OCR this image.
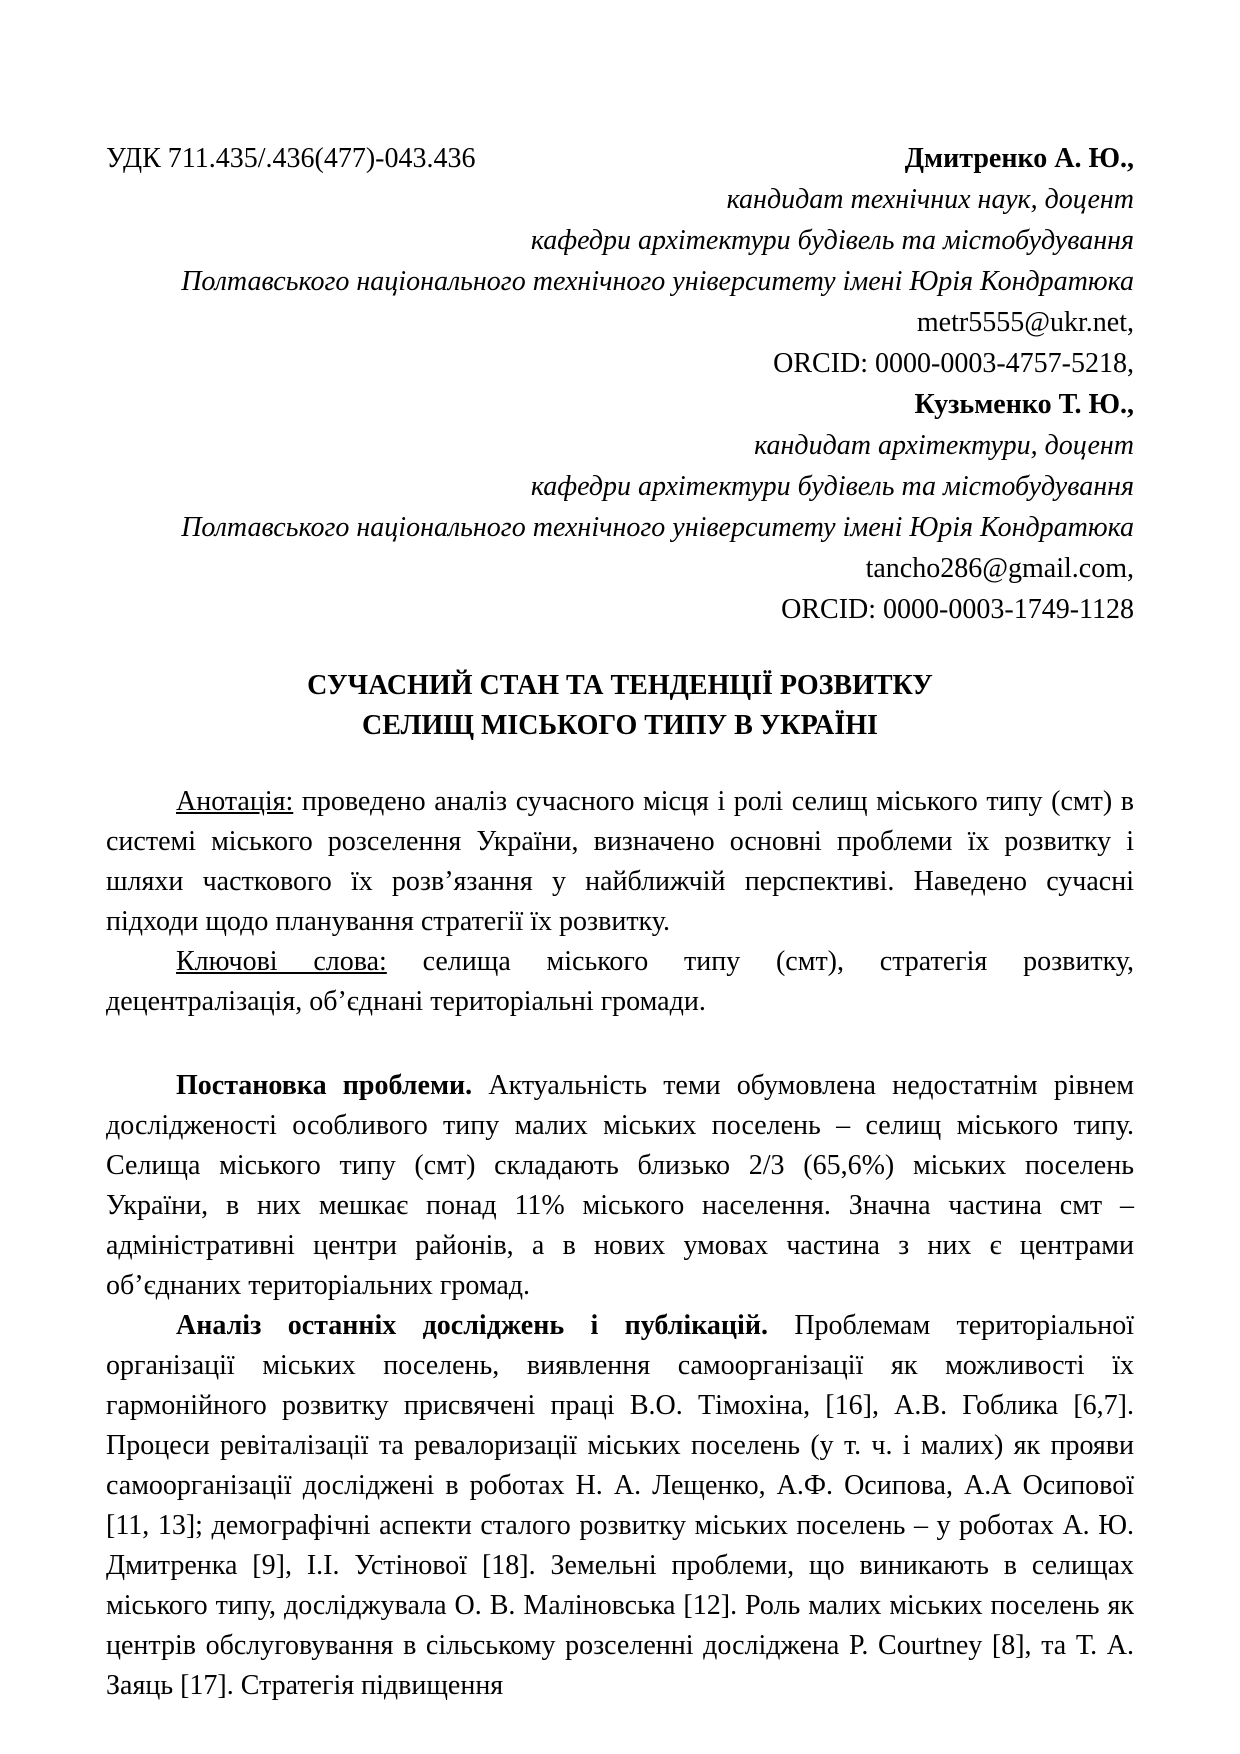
УДК 711.435/.436(477)-043.436	Дмитренко А. Ю.,
кандидат технічних наук, доцент
кафедри архітектури будівель та містобудування
Полтавського національного технічного університету імені Юрія Кондратюка
metr5555@ukr.net,
ORCID: 0000-0003-4757-5218,
Кузьменко Т. Ю.,
кандидат архітектури, доцент
кафедри архітектури будівель та містобудування
Полтавського національного технічного університету імені Юрія Кондратюка
tancho286@gmail.com,
ORCID: 0000-0003-1749-1128
СУЧАСНИЙ СТАН ТА ТЕНДЕНЦІЇ РОЗВИТКУ
СЕЛИЩ МІСЬКОГО ТИПУ В УКРАЇНІ

Анотація: проведено аналіз сучасного місця і ролі селищ міського типу (смт) в системі міського розселення України, визначено основні проблеми їх розвитку і шляхи часткового їх розв’язання у найближчій перспективі. Наведено сучасні підходи щодо планування стратегії їх розвитку.

Ключові слова: селища міського типу (смт), стратегія розвитку, децентралізація, об’єднані територіальні громади.

Постановка проблеми. Актуальність теми обумовлена недостатнім рівнем дослідженості особливого типу малих міських поселень – селищ міського типу. Селища міського типу (смт) складають близько 2/3 (65,6%) міських поселень України, в них мешкає понад 11% міського населення. Значна частина смт – адміністративні центри районів, а в нових умовах частина з них є центрами об’єднаних територіальних громад.

Аналіз останніх досліджень і публікацій. Проблемам територіальної організації міських поселень, виявлення самоорганізації як можливості їх гармонійного розвитку присвячені праці В.О. Тімохіна, [16], А.В. Гоблика [6,7]. Процеси ревіталізації та ревалоризації міських поселень (у т. ч. і малих) як прояви самоорганізації досліджені в роботах Н. А. Лещенко, А.Ф. Осипова, А.А Осипової [11, 13]; демографічні аспекти сталого розвитку міських поселень – у роботах А. Ю. Дмитренка [9], І.І. Устінової [18]. Земельні проблеми, що виникають в селищах міського типу, досліджувала О. В. Маліновська [12]. Роль малих міських поселень як центрів обслуговування в сільському розселенні досліджена P. Courtney [8], та Т. А. Заяць [17]. Стратегія підвищення
